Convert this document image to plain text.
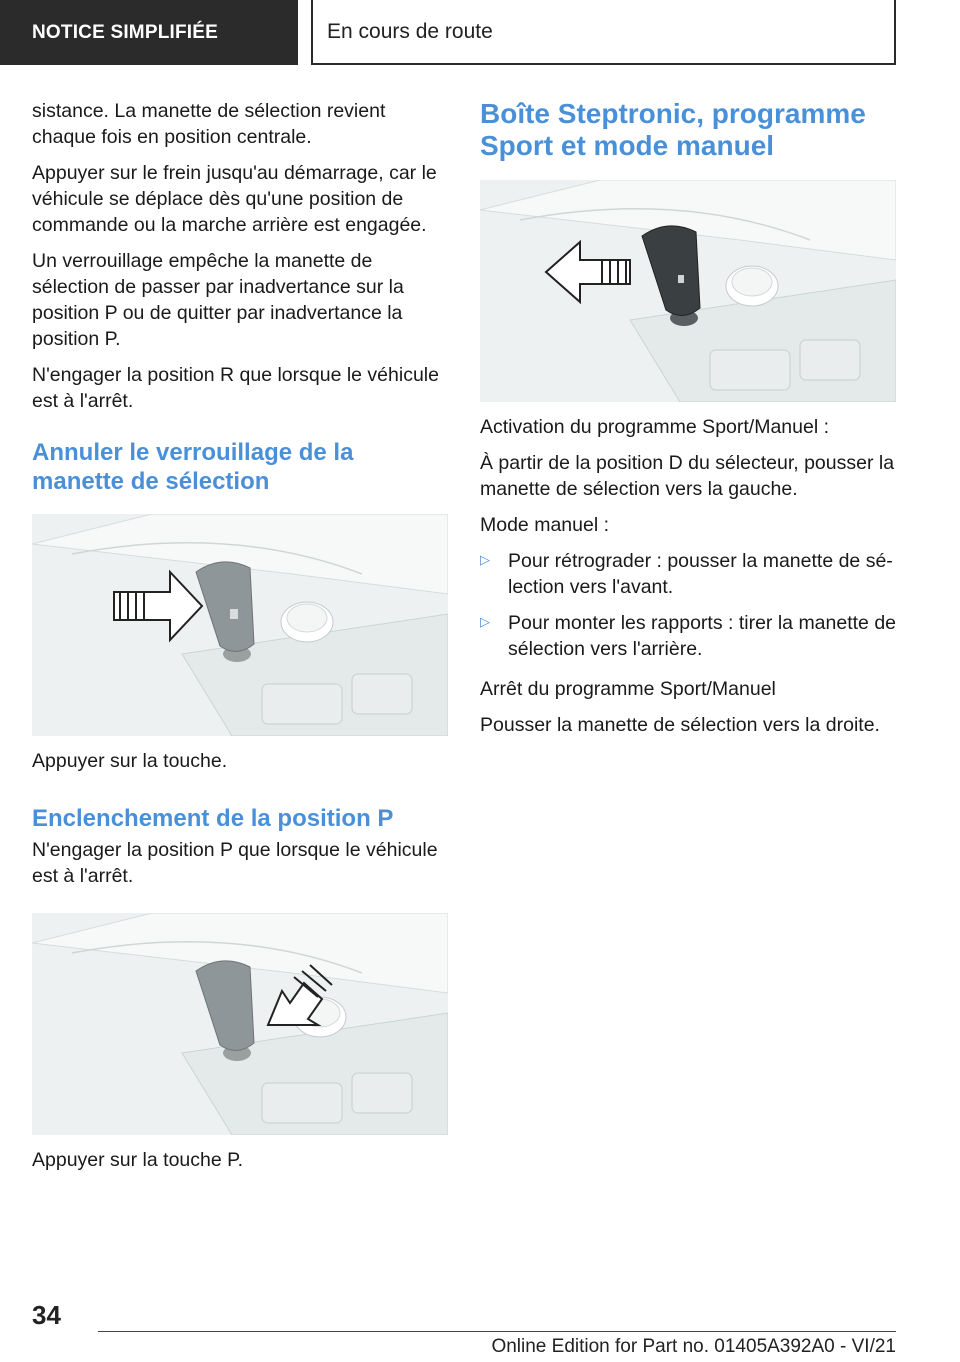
NOTICE SIMPLIFIÉE	En cours de route

sistance. La manette de sélection revient chaque fois en position centrale.

Appuyer sur le frein jusqu'au démarrage, car le véhicule se déplace dès qu'une position de commande ou la marche arrière est engagée.

Un verrouillage empêche la manette de sélection de passer par inadvertance sur la position P ou de quitter par inadvertance la position P.

N'engager la position R que lorsque le véhicule est à l'arrêt.

Annuler le verrouillage de la manette de sélection

Appuyer sur la touche.

Enclenchement de la position P

N'engager la position P que lorsque le véhicule est à l'arrêt.

Appuyer sur la touche P.

Boîte Steptronic, programme Sport et mode manuel

Activation du programme Sport/Manuel :

À partir de la position D du sélecteur, pousser la manette de sélection vers la gauche.

Mode manuel :

▷ Pour rétrograder : pousser la manette de sélection vers l'avant.
▷ Pour monter les rapports : tirer la manette de sélection vers l'arrière.

Arrêt du programme Sport/Manuel

Pousser la manette de sélection vers la droite.

34
Online Edition for Part no. 01405A392A0 - VI/21
